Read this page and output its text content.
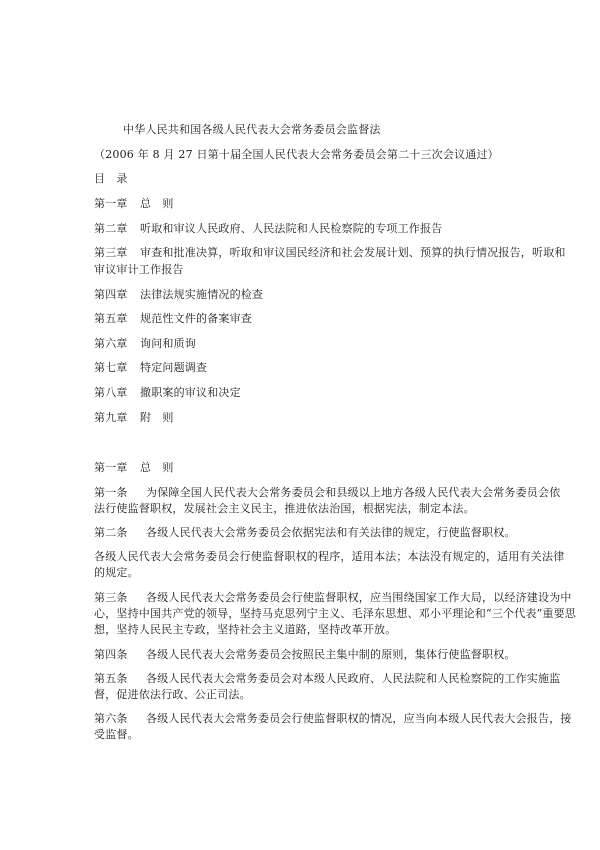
中华人民共和国各级人民代表大会常务委员会监督法
（2006 年 8 月 27 日第十届全国人民代表大会常务委员会第二十三次会议通过）
目　录
第一章 总　则
第二章 听取和审议人民政府、人民法院和人民检察院的专项工作报告
第三章 审查和批准决算，听取和审议国民经济和社会发展计划、预算的执行情况报告，听取和
审议审计工作报告
第四章 法律法规实施情况的检查
第五章 规范性文件的备案审查
第六章 询问和质询
第七章 特定问题调查
第八章 撤职案的审议和决定
第九章 附　则
第一章 总　则
第一条 为保障全国人民代表大会常务委员会和县级以上地方各级人民代表大会常务委员会依
法行使监督职权，发展社会主义民主，推进依法治国，根据宪法，制定本法。
第二条 各级人民代表大会常务委员会依据宪法和有关法律的规定，行使监督职权。
各级人民代表大会常务委员会行使监督职权的程序，适用本法；本法没有规定的，适用有关法律
的规定。
第三条 各级人民代表大会常务委员会行使监督职权，应当围绕国家工作大局，以经济建设为中
心，坚持中国共产党的领导，坚持马克思列宁主义、毛泽东思想、邓小平理论和“三个代表”重要思
想，坚持人民民主专政，坚持社会主义道路，坚持改革开放。
第四条 各级人民代表大会常务委员会按照民主集中制的原则，集体行使监督职权。
第五条 各级人民代表大会常务委员会对本级人民政府、人民法院和人民检察院的工作实施监
督，促进依法行政、公正司法。
第六条 各级人民代表大会常务委员会行使监督职权的情况，应当向本级人民代表大会报告，接
受监督。
